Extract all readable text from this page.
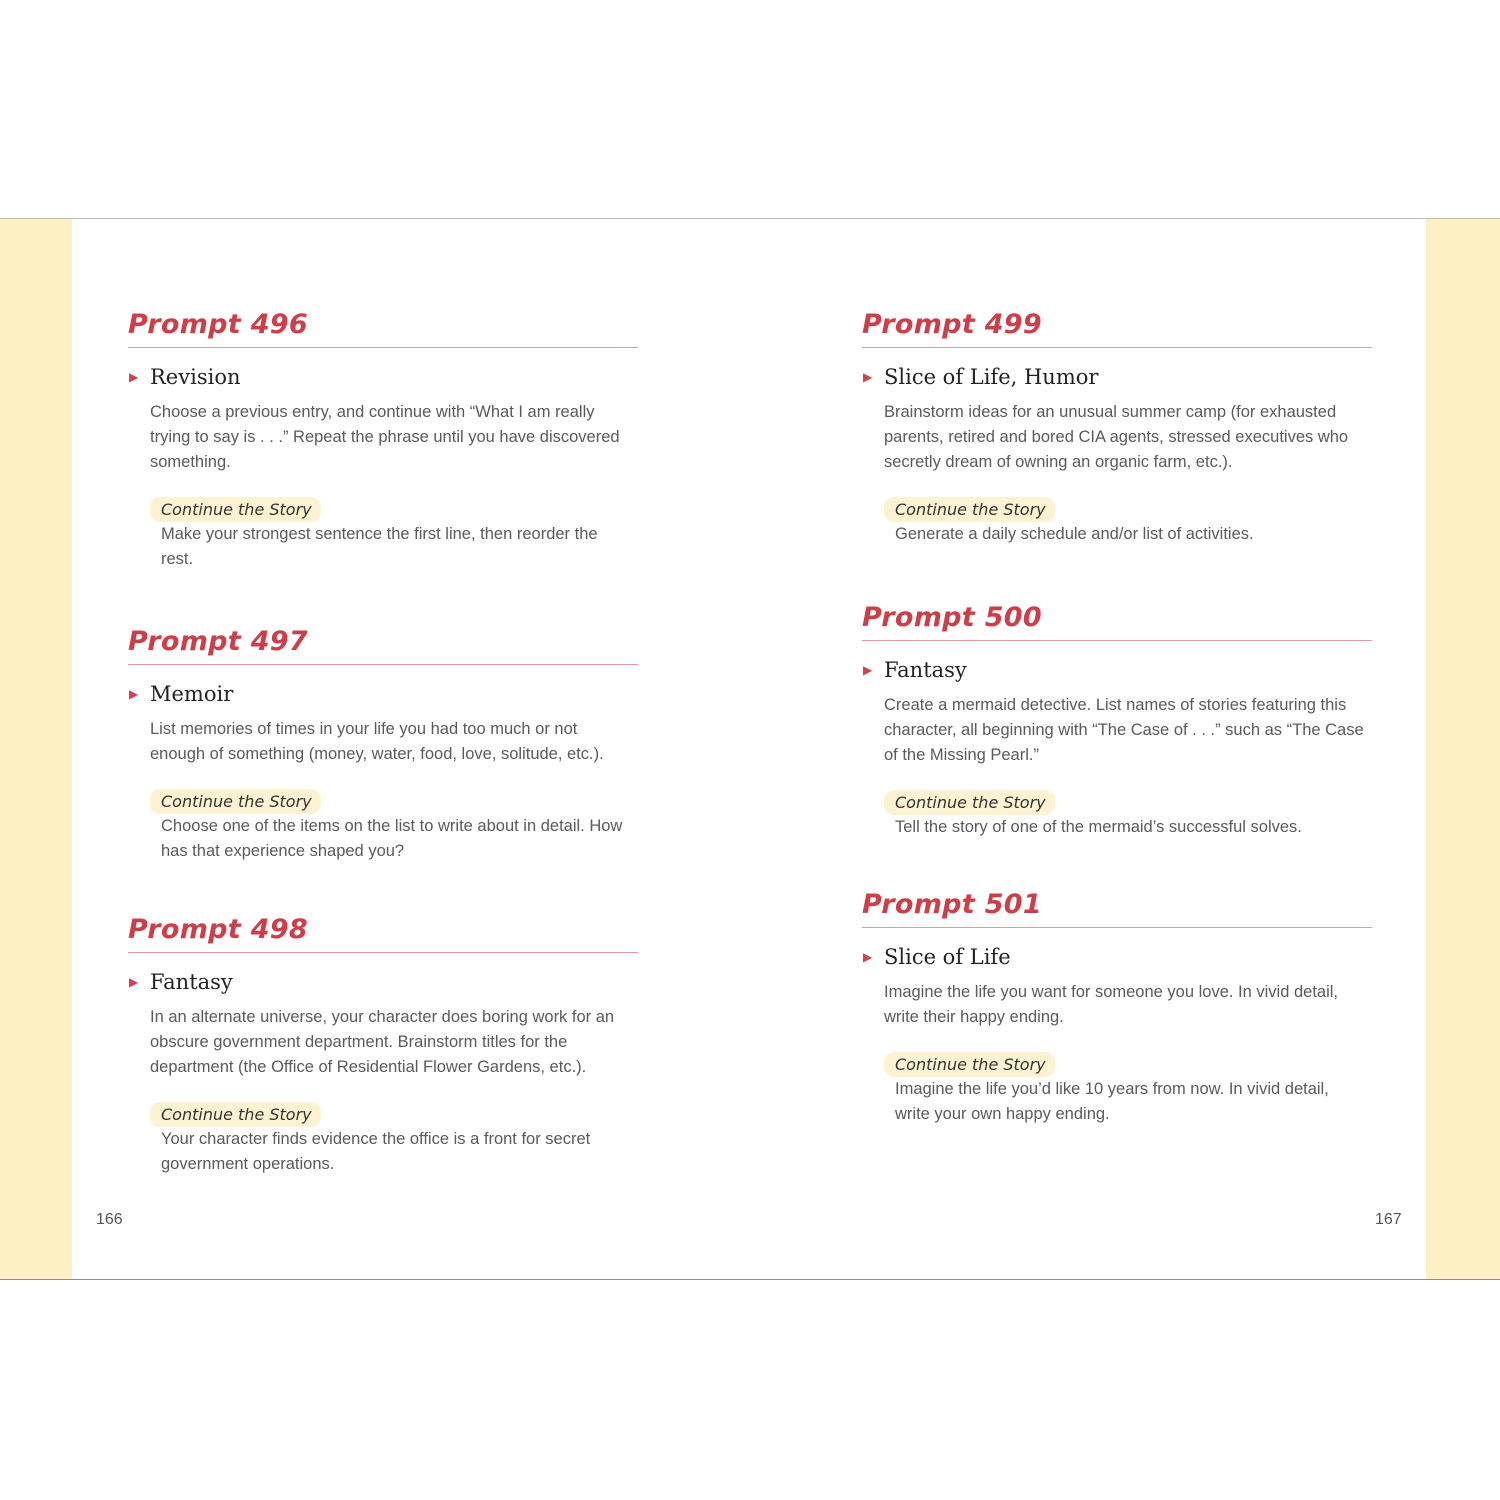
Prompt 496
▶ Revision
Choose a previous entry, and continue with “What I am really trying to say is . . .” Repeat the phrase until you have discovered something.
Continue the Story
Make your strongest sentence the first line, then reorder the rest.
Prompt 497
▶ Memoir
List memories of times in your life you had too much or not enough of something (money, water, food, love, solitude, etc.).
Continue the Story
Choose one of the items on the list to write about in detail. How has that experience shaped you?
Prompt 498
▶ Fantasy
In an alternate universe, your character does boring work for an obscure government department. Brainstorm titles for the department (the Office of Residential Flower Gardens, etc.).
Continue the Story
Your character finds evidence the office is a front for secret government operations.
Prompt 499
▶ Slice of Life, Humor
Brainstorm ideas for an unusual summer camp (for exhausted parents, retired and bored CIA agents, stressed executives who secretly dream of owning an organic farm, etc.).
Continue the Story
Generate a daily schedule and/or list of activities.
Prompt 500
▶ Fantasy
Create a mermaid detective. List names of stories featuring this character, all beginning with “The Case of . . .” such as “The Case of the Missing Pearl.”
Continue the Story
Tell the story of one of the mermaid’s successful solves.
Prompt 501
▶ Slice of Life
Imagine the life you want for someone you love. In vivid detail, write their happy ending.
Continue the Story
Imagine the life you’d like 10 years from now. In vivid detail, write your own happy ending.
166	167
